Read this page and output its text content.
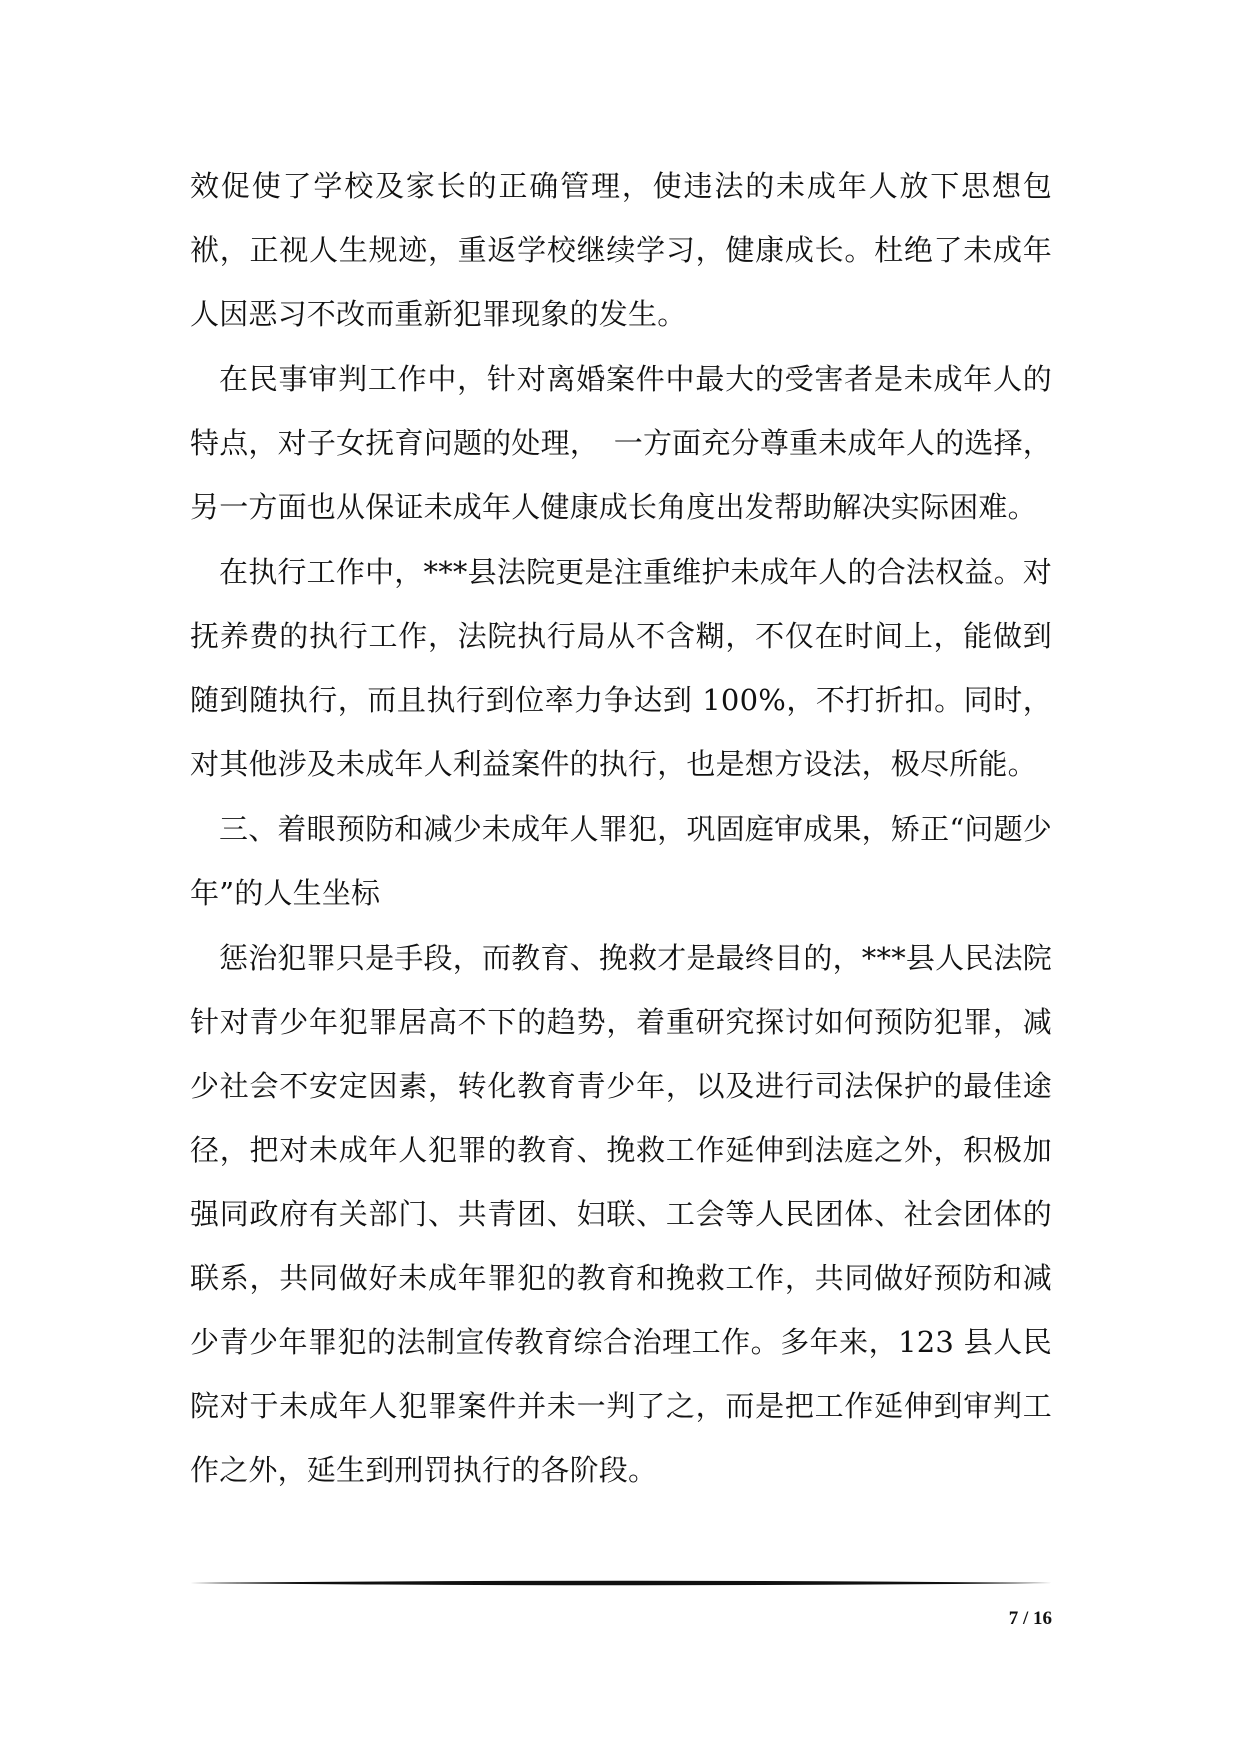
效促使了学校及家长的正确管理，使违法的未成年人放下思想包袱，正视人生规迹，重返学校继续学习，健康成长。杜绝了未成年人因恶习不改而重新犯罪现象的发生。

在民事审判工作中，针对离婚案件中最大的受害者是未成年人的特点，对子女抚育问题的处理，　一方面充分尊重未成年人的选择，另一方面也从保证未成年人健康成长角度出发帮助解决实际困难。

在执行工作中，***县法院更是注重维护未成年人的合法权益。对抚养费的执行工作，法院执行局从不含糊，不仅在时间上，能做到随到随执行，而且执行到位率力争达到 100%，不打折扣。同时，对其他涉及未成年人利益案件的执行，也是想方设法，极尽所能。

三、着眼预防和减少未成年人罪犯，巩固庭审成果，矫正“问题少年”的人生坐标

惩治犯罪只是手段，而教育、挽救才是最终目的，***县人民法院针对青少年犯罪居高不下的趋势，着重研究探讨如何预防犯罪，减少社会不安定因素，转化教育青少年，以及进行司法保护的最佳途径，把对未成年人犯罪的教育、挽救工作延伸到法庭之外，积极加强同政府有关部门、共青团、妇联、工会等人民团体、社会团体的联系，共同做好未成年罪犯的教育和挽救工作，共同做好预防和减少青少年罪犯的法制宣传教育综合治理工作。多年来，123 县人民院对于未成年人犯罪案件并未一判了之，而是把工作延伸到审判工作之外，延生到刑罚执行的各阶段。

7 / 16
